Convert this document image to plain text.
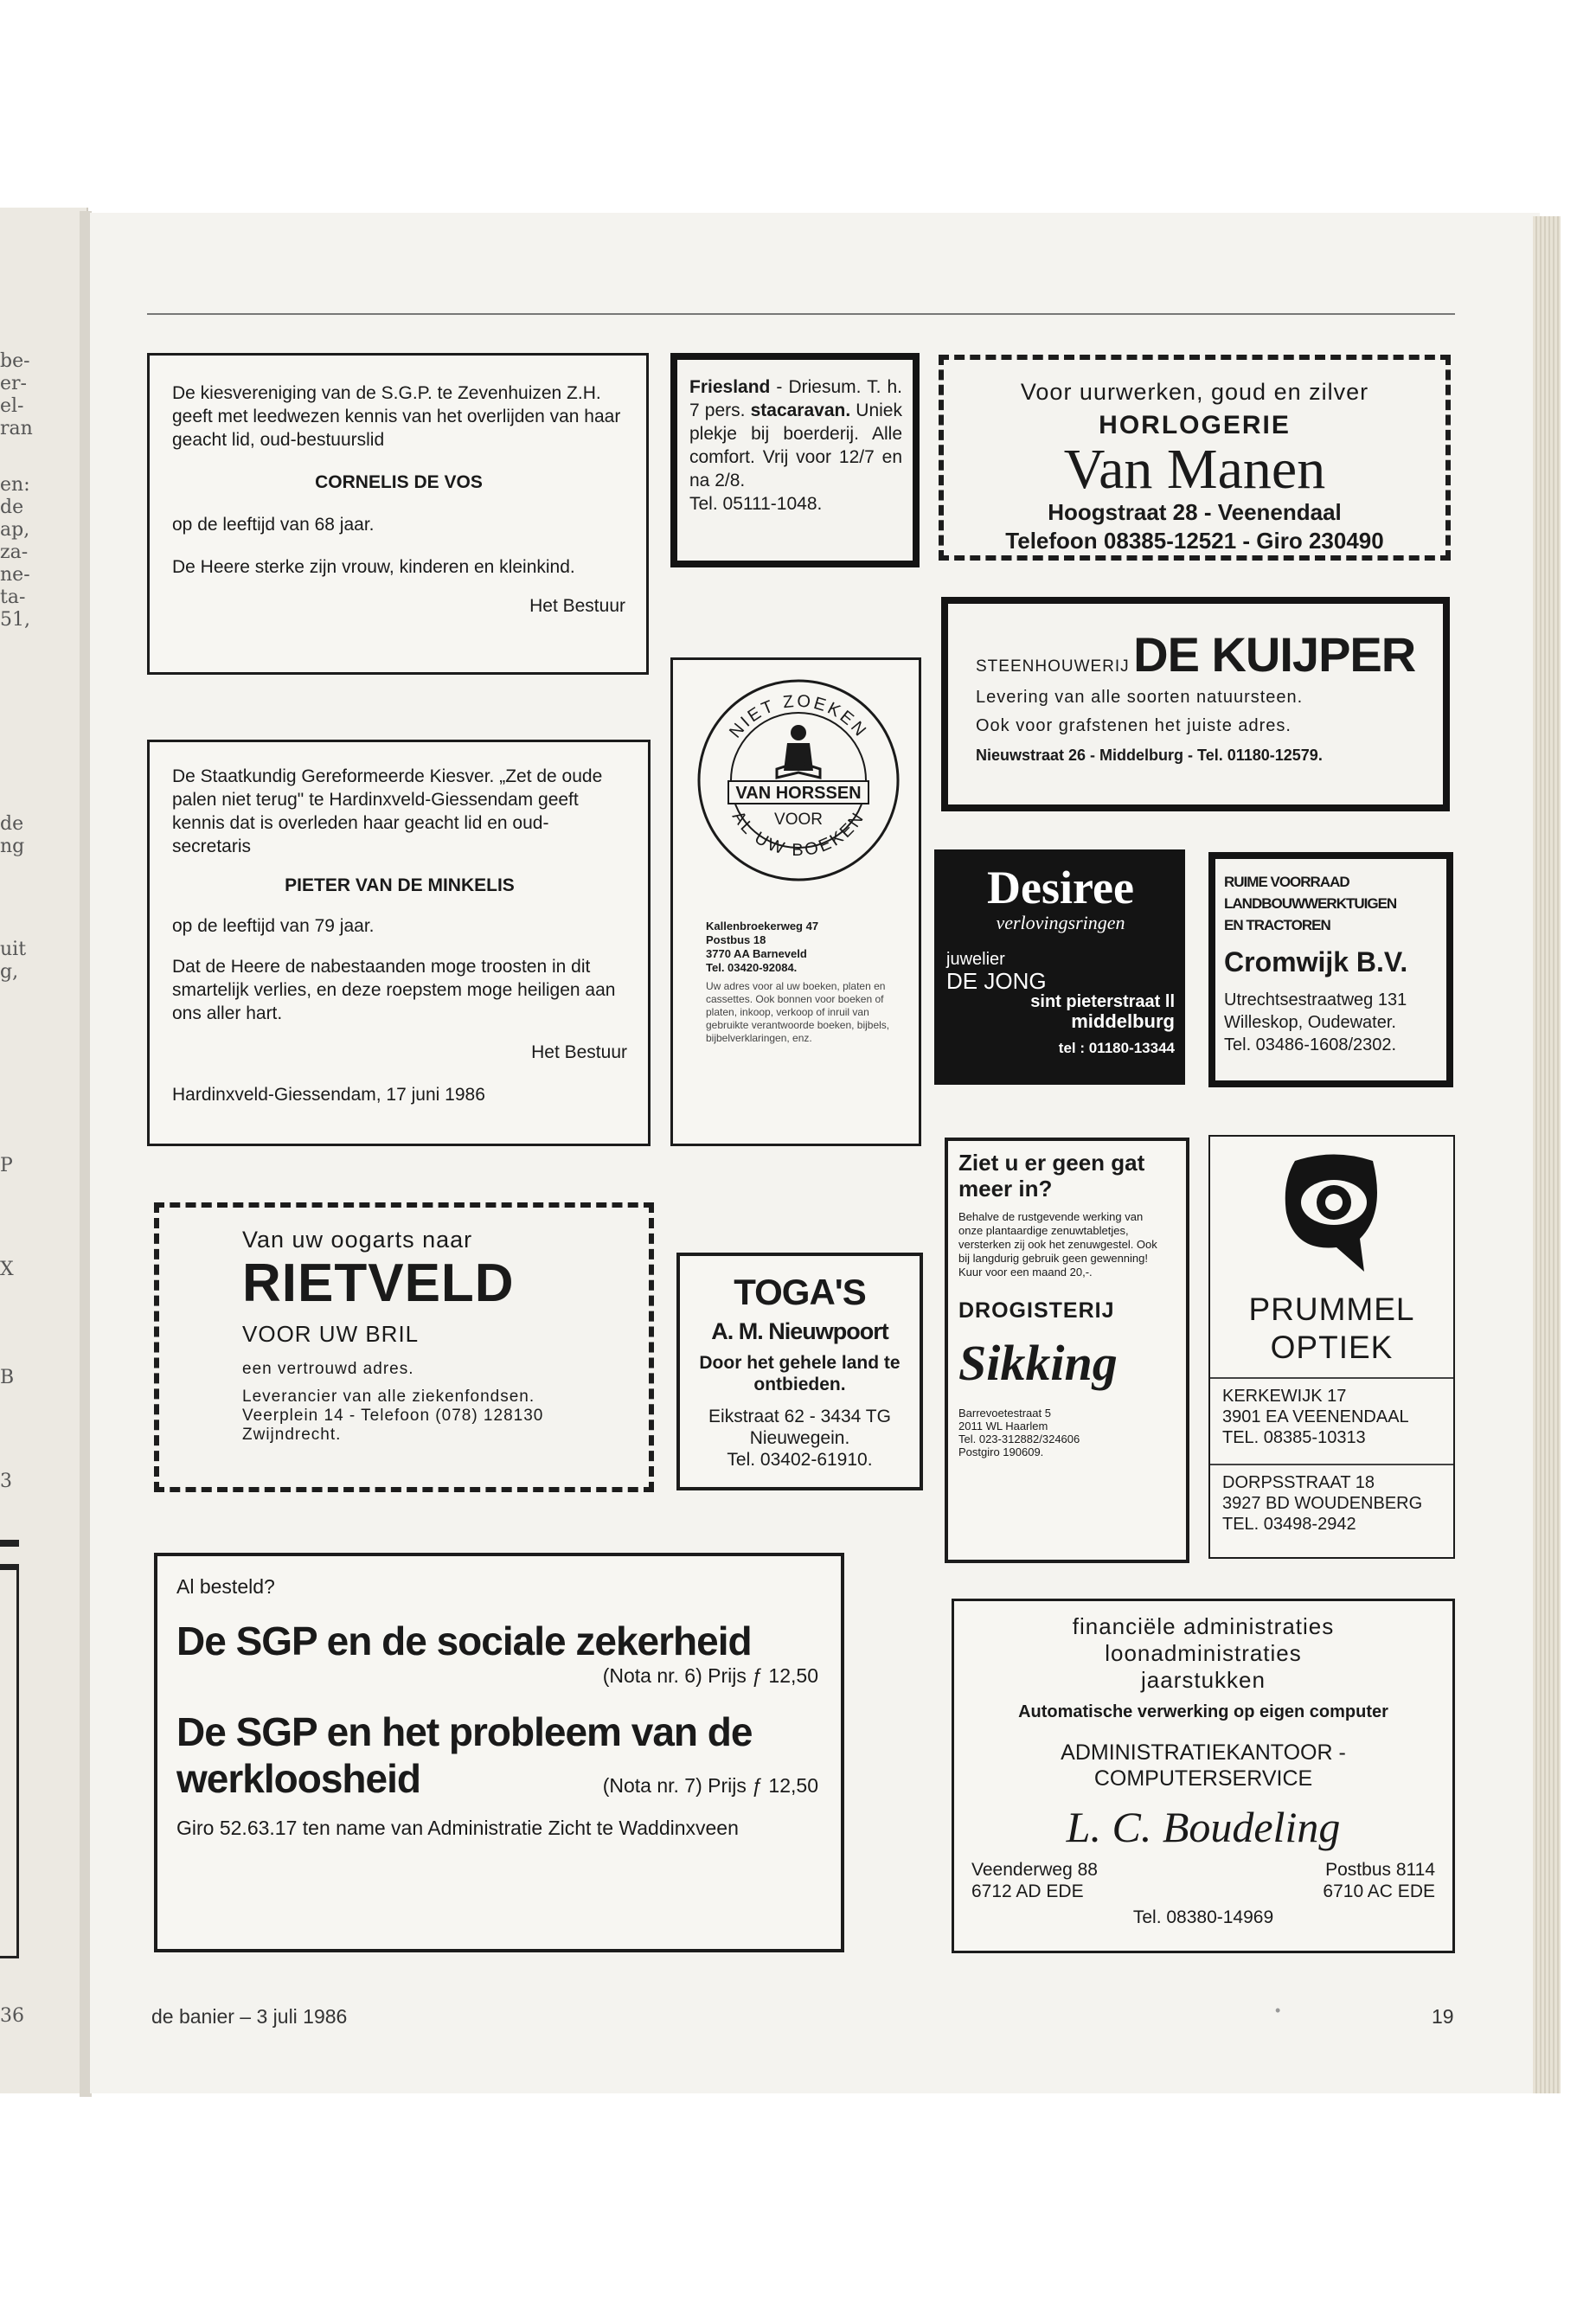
be-
er-
el-
ran
en:
de
ap,
za-
ne-
ta-
51,
de
ng
uit
g,
P
X
B
3
36
De kiesvereniging van de S.G.P. te Zevenhuizen Z.H. geeft met leedwezen kennis van het overlijden van haar geacht lid, oud-bestuurslid
CORNELIS DE VOS
op de leeftijd van 68 jaar.
De Heere sterke zijn vrouw, kinderen en kleinkind.
Het Bestuur
Friesland - Driesum. T. h. 7 pers. stacaravan. Uniek plekje bij boerderij. Alle comfort. Vrij voor 12/7 en na 2/8.
Tel. 05111-1048.
Voor uurwerken, goud en zilver
HORLOGERIE
Van Manen
Hoogstraat 28 - Veenendaal
Telefoon 08385-12521 - Giro 230490
De Staatkundig Gereformeerde Kiesver. „Zet de oude palen niet terug" te Hardinxveld-Giessendam geeft kennis dat is overleden haar geacht lid en oud-secretaris
PIETER VAN DE MINKELIS
op de leeftijd van 79 jaar.
Dat de Heere de nabestaanden moge troosten in dit smartelijk verlies, en deze roepstem moge heiligen aan ons aller hart.
Het Bestuur
Hardinxveld-Giessendam, 17 juni 1986
NIET ZOEKEN
AL UW BOEKEN
VAN HORSSEN
VOOR
Kallenbroekerweg 47
Postbus 18
3770 AA Barneveld
Tel. 03420-92084.
Uw adres voor al uw boeken, platen en cassettes. Ook bonnen voor boeken of platen, inkoop, verkoop of inruil van gebruikte verantwoorde boeken, bijbels, bijbelverklaringen, enz.
STEENHOUWERIJ DE KUIJPER
Levering van alle soorten natuursteen.
Ook voor grafstenen het juiste adres.
Nieuwstraat 26 - Middelburg - Tel. 01180-12579.
Desiree
verlovingsringen
juwelier
DE JONG
sint pieterstraat ll
middelburg
tel : 01180-13344
RUIME VOORRAAD
LANDBOUWWERKTUIGEN
EN TRACTOREN
Cromwijk B.V.
Utrechtsestraatweg 131
Willeskop, Oudewater.
Tel. 03486-1608/2302.
Van uw oogarts naar
RIETVELD
VOOR UW BRIL
een vertrouwd adres.
Leverancier van alle ziekenfondsen.
Veerplein 14 - Telefoon (078) 128130
Zwijndrecht.
TOGA'S
A. M. Nieuwpoort
Door het gehele land te ontbieden.
Eikstraat 62 - 3434 TG
Nieuwegein.
Tel. 03402-61910.
Ziet u er geen gat meer in?
Behalve de rustgevende werking van onze plantaardige zenuwtabletjes, versterken zij ook het zenuwgestel. Ook bij langdurig gebruik geen gewenning! Kuur voor een maand 20,-.
DROGISTERIJ
Sikking
Barrevoetestraat 5
2011 WL Haarlem
Tel. 023-312882/324606
Postgiro 190609.
PRUMMEL
OPTIEK
KERKEWIJK 17
3901 EA VEENENDAAL
TEL. 08385-10313
DORPSSTRAAT 18
3927 BD WOUDENBERG
TEL. 03498-2942
Al besteld?
De SGP en de sociale zekerheid
(Nota nr. 6) Prijs ƒ 12,50
De SGP en het probleem van de
werkloosheid	(Nota nr. 7) Prijs ƒ 12,50
Giro 52.63.17 ten name van Administratie Zicht te Waddinxveen
financiële administraties
loonadministraties
jaarstukken
Automatische verwerking op eigen computer
ADMINISTRATIEKANTOOR -
COMPUTERSERVICE
L. C. Boudeling
Veenderweg 88
6712 AD EDE
Postbus 8114
6710 AC EDE
Tel. 08380-14969
de banier – 3 juli 1986	•	19
